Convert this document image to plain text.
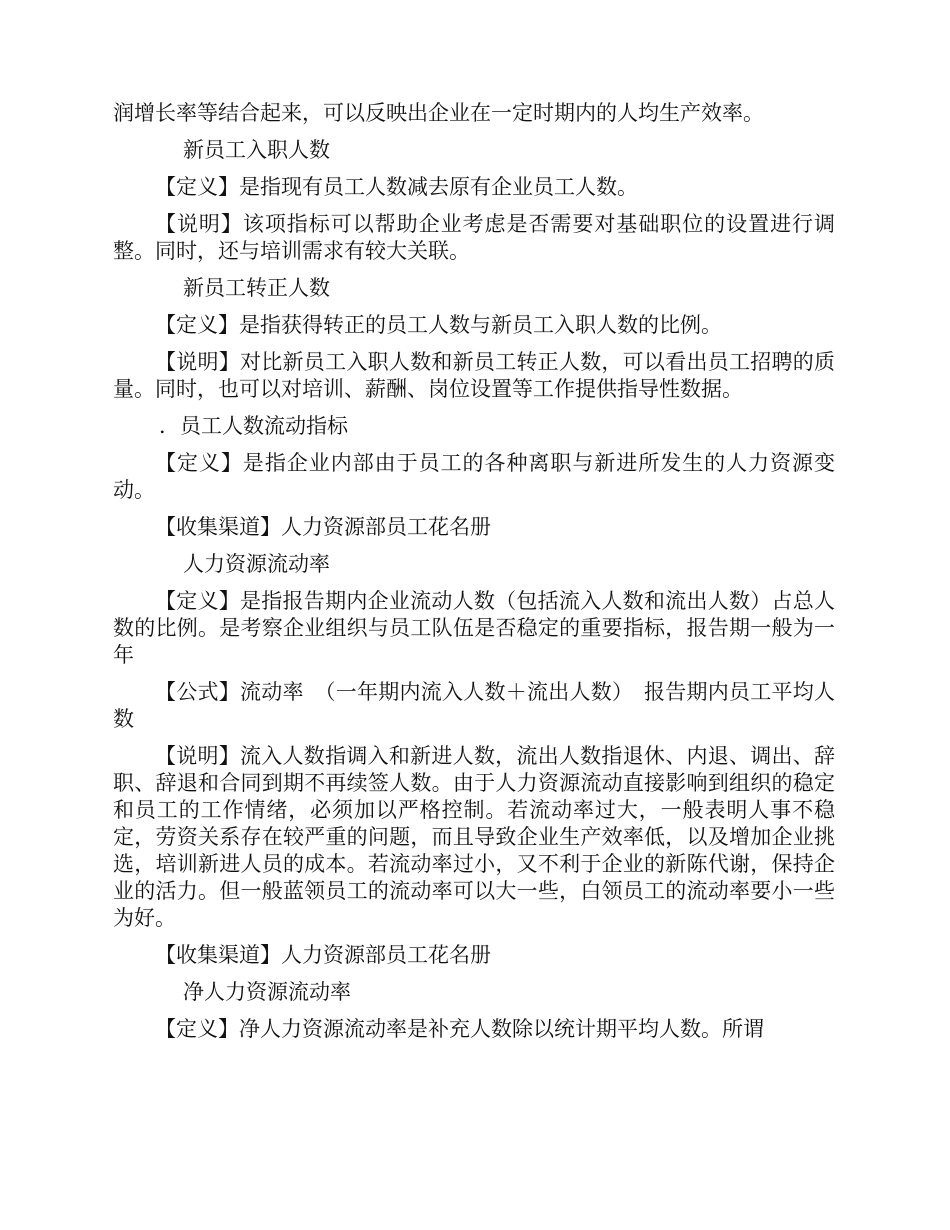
润增长率等结合起来，可以反映出企业在一定时期内的人均生产效率。

新员工入职人数

【定义】是指现有员工人数减去原有企业员工人数。

【说明】该项指标可以帮助企业考虑是否需要对基础职位的设置进行调整。同时，还与培训需求有较大关联。

新员工转正人数

【定义】是指获得转正的员工人数与新员工入职人数的比例。

【说明】对比新员工入职人数和新员工转正人数，可以看出员工招聘的质量。同时，也可以对培训、薪酬、岗位设置等工作提供指导性数据。

．员工人数流动指标

【定义】是指企业内部由于员工的各种离职与新进所发生的人力资源变动。

【收集渠道】人力资源部员工花名册

人力资源流动率

【定义】是指报告期内企业流动人数（包括流入人数和流出人数）占总人数的比例。是考察企业组织与员工队伍是否稳定的重要指标，报告期一般为一年

【公式】流动率　（一年期内流入人数＋流出人数）　报告期内员工平均人数

【说明】流入人数指调入和新进人数，流出人数指退休、内退、调出、辞职、辞退和合同到期不再续签人数。由于人力资源流动直接影响到组织的稳定和员工的工作情绪，必须加以严格控制。若流动率过大，一般表明人事不稳定，劳资关系存在较严重的问题，而且导致企业生产效率低，以及增加企业挑选，培训新进人员的成本。若流动率过小，又不利于企业的新陈代谢，保持企业的活力。但一般蓝领员工的流动率可以大一些，白领员工的流动率要小一些为好。

【收集渠道】人力资源部员工花名册

净人力资源流动率

【定义】净人力资源流动率是补充人数除以统计期平均人数。所谓
